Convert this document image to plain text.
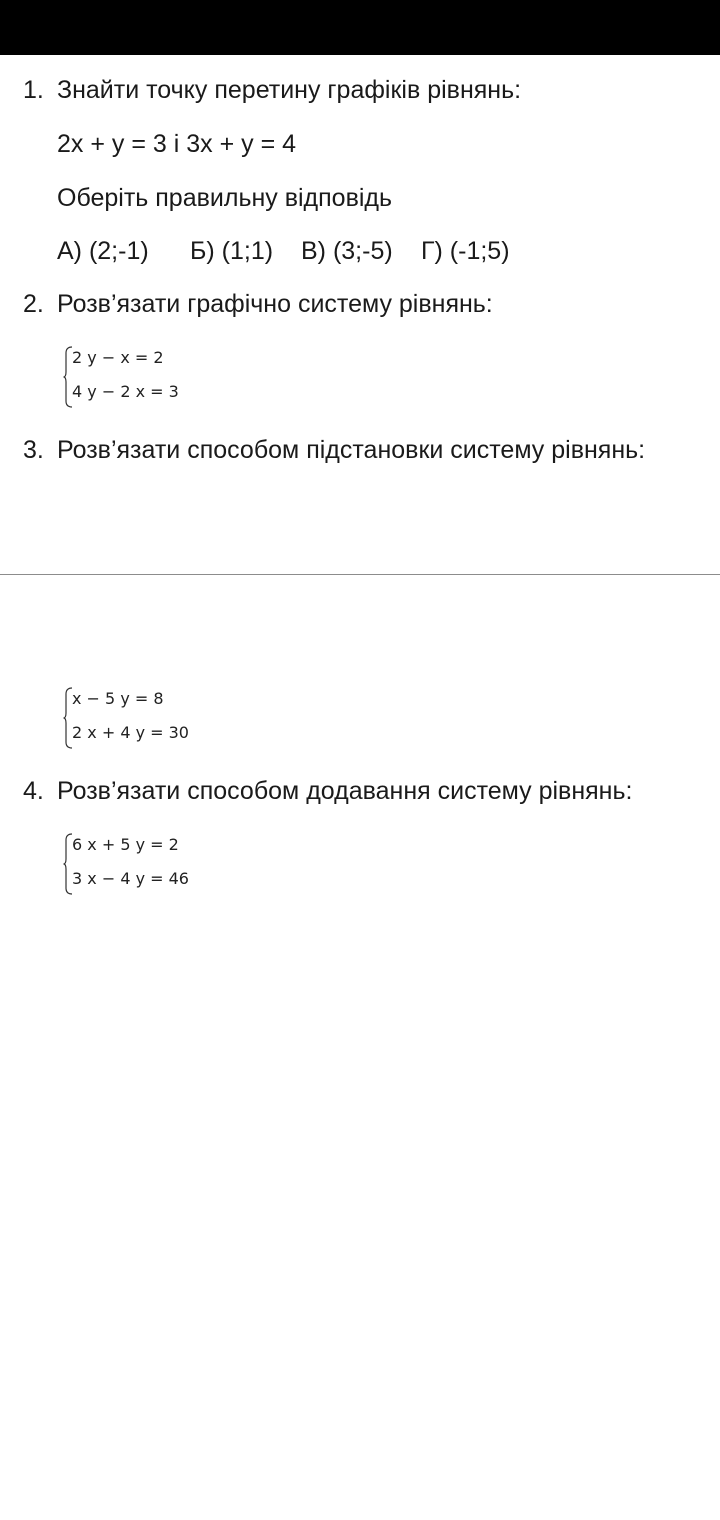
1. Знайти точку перетину графіків рівнянь:
2х + у = 3 і 3х + у = 4
Оберіть правильну відповідь
А) (2;-1) Б) (1;1) В) (3;-5) Г) (-1;5)
2. Розв’язати графічно систему рівнянь:
2 y − x = 2
4 y − 2 x = 3
3. Розв’язати способом підстановки систему рівнянь:
x − 5 y = 8
2 x + 4 y = 30
4. Розв’язати способом додавання систему рівнянь:
6 x + 5 y = 2
3 x − 4 y = 46
